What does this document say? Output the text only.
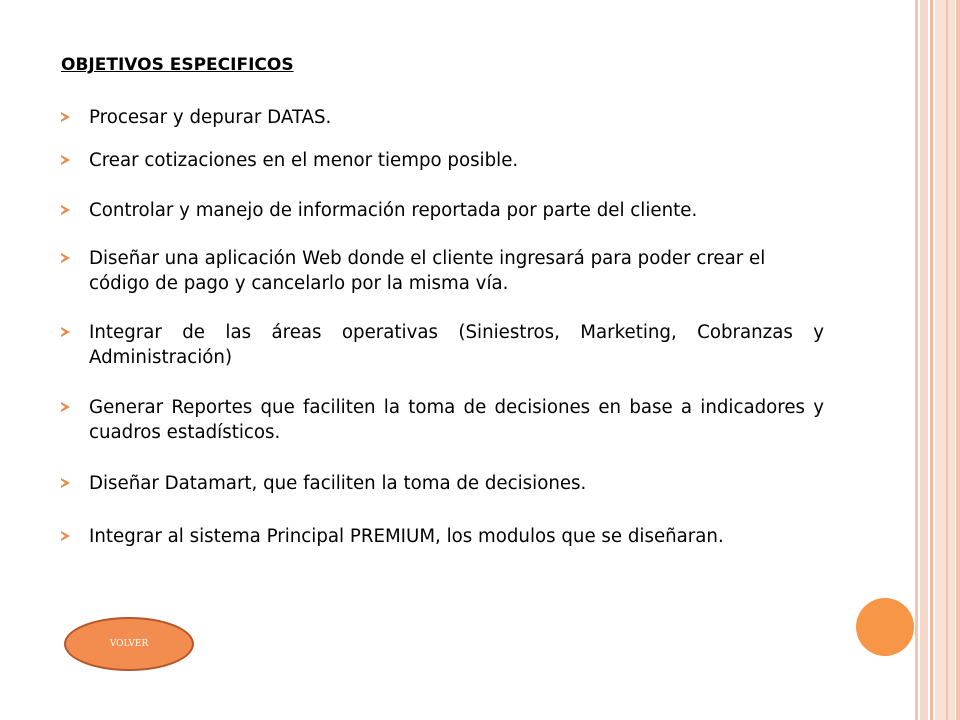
OBJETIVOS ESPECIFICOS
Procesar y depurar DATAS.
Crear cotizaciones en el menor tiempo posible.
Controlar y manejo de información reportada por parte del cliente.
Diseñar una aplicación Web donde el cliente ingresará para poder crear el código de pago y cancelarlo por la misma vía.
Integrar de las áreas operativas (Siniestros, Marketing, Cobranzas y Administración)
Generar Reportes que faciliten la toma de decisiones en base a indicadores y cuadros estadísticos.
Diseñar Datamart, que faciliten la toma de decisiones.
Integrar al sistema Principal PREMIUM, los modulos que se diseñaran.
VOLVER
